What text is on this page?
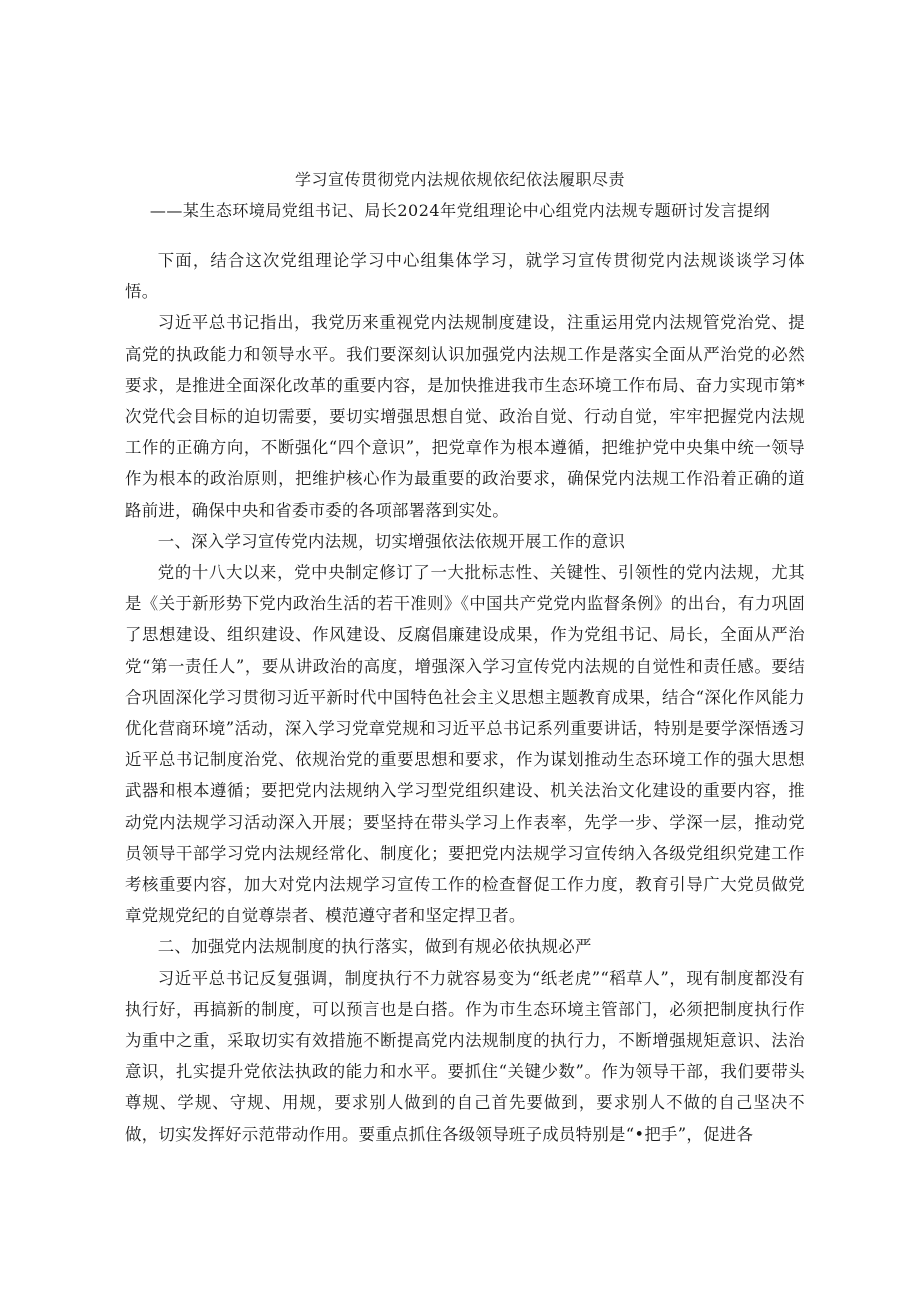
学习宣传贯彻党内法规依规依纪依法履职尽责
——某生态环境局党组书记、局长2024年党组理论中心组党内法规专题研讨发言提纲

下面，结合这次党组理论学习中心组集体学习，就学习宣传贯彻党内法规谈谈学习体悟。

习近平总书记指出，我党历来重视党内法规制度建设，注重运用党内法规管党治党、提高党的执政能力和领导水平。我们要深刻认识加强党内法规工作是落实全面从严治党的必然要求，是推进全面深化改革的重要内容，是加快推进我市生态环境工作布局、奋力实现市第*次党代会目标的迫切需要，要切实增强思想自觉、政治自觉、行动自觉，牢牢把握党内法规工作的正确方向，不断强化“四个意识”，把党章作为根本遵循，把维护党中央集中统一领导作为根本的政治原则，把维护核心作为最重要的政治要求，确保党内法规工作沿着正确的道路前进，确保中央和省委市委的各项部署落到实处。

一、深入学习宣传党内法规，切实增强依法依规开展工作的意识

党的十八大以来，党中央制定修订了一大批标志性、关键性、引领性的党内法规，尤其是《关于新形势下党内政治生活的若干准则》《中国共产党党内监督条例》的出台，有力巩固了思想建设、组织建设、作风建设、反腐倡廉建设成果，作为党组书记、局长，全面从严治党“第一责任人”，要从讲政治的高度，增强深入学习宣传党内法规的自觉性和责任感。要结合巩固深化学习贯彻习近平新时代中国特色社会主义思想主题教育成果，结合“深化作风能力优化营商环境”活动，深入学习党章党规和习近平总书记系列重要讲话，特别是要学深悟透习近平总书记制度治党、依规治党的重要思想和要求，作为谋划推动生态环境工作的强大思想武器和根本遵循；要把党内法规纳入学习型党组织建设、机关法治文化建设的重要内容，推动党内法规学习活动深入开展；要坚持在带头学习上作表率，先学一步、学深一层，推动党员领导干部学习党内法规经常化、制度化；要把党内法规学习宣传纳入各级党组织党建工作考核重要内容，加大对党内法规学习宣传工作的检查督促工作力度，教育引导广大党员做党章党规党纪的自觉尊崇者、模范遵守者和坚定捍卫者。

二、加强党内法规制度的执行落实，做到有规必依执规必严

习近平总书记反复强调，制度执行不力就容易变为“纸老虎”“稻草人”，现有制度都没有执行好，再搞新的制度，可以预言也是白搭。作为市生态环境主管部门，必须把制度执行作为重中之重，采取切实有效措施不断提高党内法规制度的执行力，不断增强规矩意识、法治意识，扎实提升党依法执政的能力和水平。要抓住“关键少数”。作为领导干部，我们要带头尊规、学规、守规、用规，要求别人做到的自己首先要做到，要求别人不做的自己坚决不做，切实发挥好示范带动作用。要重点抓住各级领导班子成员特别是“•把手”，促进各
